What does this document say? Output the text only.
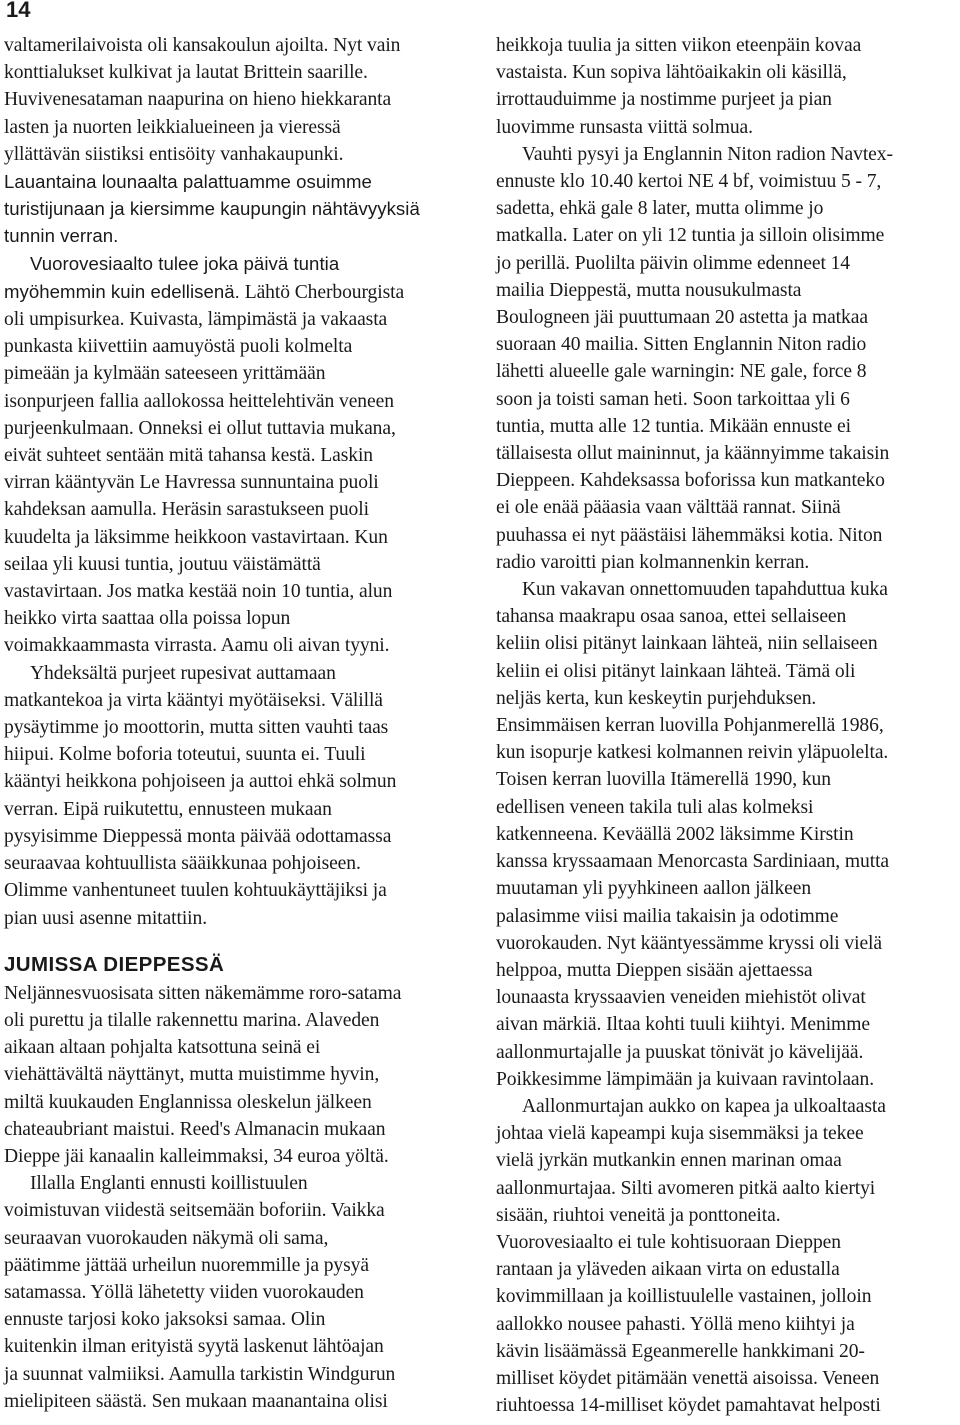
14

valtamerilaivoista oli kansakoulun ajoilta. Nyt vain
konttialukset kulkivat ja lautat Brittein saarille.
Huvivenesataman naapurina on hieno hiekkaranta
lasten ja nuorten leikkialueineen ja vieressä
yllättävän siistiksi entisöity vanhakaupunki.

Lauantaina lounaalta palattuamme osuimme
turistijunaan ja kiersimme kaupungin nähtävyyksiä
tunnin verran.

Vuorovesiaalto tulee joka päivä tuntia
myöhemmin kuin edellisenä. Lähtö Cherbourgista
oli umpisurkea. Kuivasta, lämpimästä ja vakaasta
punkasta kiivettiin aamuyöstä puoli kolmelta
pimeään ja kylmään sateeseen yrittämään
isonpurjeen fallia aallokossa heittelehtivän veneen
purjeenkulmaan. Onneksi ei ollut tuttavia mukana,
eivät suhteet sentään mitä tahansa kestä. Laskin
virran kääntyvän Le Havressa sunnuntaina puoli
kahdeksan aamulla. Heräsin sarastukseen puoli
kuudelta ja läksimme heikkoon vastavirtaan. Kun
seilaa yli kuusi tuntia, joutuu väistämättä
vastavirtaan. Jos matka kestää noin 10 tuntia, alun
heikko virta saattaa olla poissa lopun
voimakkaammasta virrasta. Aamu oli aivan tyyni.

Yhdeksältä purjeet rupesivat auttamaan
matkantekoa ja virta kääntyi myötäiseksi. Välillä
pysäytimme jo moottorin, mutta sitten vauhti taas
hiipui. Kolme boforia toteutui, suunta ei. Tuuli
kääntyi heikkona pohjoiseen ja auttoi ehkä solmun
verran. Eipä ruikutettu, ennusteen mukaan
pysyisimme Dieppessä monta päivää odottamassa
seuraavaa kohtuullista sääikkunaa pohjoiseen.
Olimme vanhentuneet tuulen kohtuukäyttäjiksi ja
pian uusi asenne mitattiin.

JUMISSA DIEPPESSÄ

Neljännesvuosisata sitten näkemämme roro-satama
oli purettu ja tilalle rakennettu marina. Alaveden
aikaan altaan pohjalta katsottuna seinä ei
viehättävältä näyttänyt, mutta muistimme hyvin,
miltä kuukauden Englannissa oleskelun jälkeen
chateaubriant maistui. Reed's Almanacin mukaan
Dieppe jäi kanaalin kalleimmaksi, 34 euroa yöltä.

Illalla Englanti ennusti koillistuulen
voimistuvan viidestä seitsemään boforiin. Vaikka
seuraavan vuorokauden näkymä oli sama,
päätimme jättää urheilun nuoremmille ja pysyä
satamassa. Yöllä lähetetty viiden vuorokauden
ennuste tarjosi koko jaksoksi samaa. Olin
kuitenkin ilman erityistä syytä laskenut lähtöajan
ja suunnat valmiiksi. Aamulla tarkistin Windgurun
mielipiteen säästä. Sen mukaan maanantaina olisi

heikkoja tuulia ja sitten viikon eteenpäin kovaa
vastaista. Kun sopiva lähtöaikakin oli käsillä,
irrottauduimme ja nostimme purjeet ja pian
luovimme runsasta viittä solmua.

Vauhti pysyi ja Englannin Niton radion Navtex-
ennuste klo 10.40 kertoi NE 4 bf, voimistuu 5 - 7,
sadetta, ehkä gale 8 later, mutta olimme jo
matkalla. Later on yli 12 tuntia ja silloin olisimme
jo perillä. Puolilta päivin olimme edenneet 14
mailia Dieppestä, mutta nousukulmasta
Boulogneen jäi puuttumaan 20 astetta ja matkaa
suoraan 40 mailia. Sitten Englannin Niton radio
lähetti alueelle gale warningin: NE gale, force 8
soon ja toisti saman heti. Soon tarkoittaa yli 6
tuntia, mutta alle 12 tuntia. Mikään ennuste ei
tällaisesta ollut maininnut, ja käännyimme takaisin
Dieppeen. Kahdeksassa boforissa kun matkanteko
ei ole enää pääasia vaan välttää rannat. Siinä
puuhassa ei nyt päästäisi lähemmäksi kotia. Niton
radio varoitti pian kolmannenkin kerran.

Kun vakavan onnettomuuden tapahduttua kuka
tahansa maakrapu osaa sanoa, ettei sellaiseen
keliin olisi pitänyt lainkaan lähteä, niin sellaiseen
keliin ei olisi pitänyt lainkaan lähteä. Tämä oli
neljäs kerta, kun keskeytin purjehduksen.
Ensimmäisen kerran luovilla Pohjanmerellä 1986,
kun isopurje katkesi kolmannen reivin yläpuolelta.
Toisen kerran luovilla Itämerellä 1990, kun
edellisen veneen takila tuli alas kolmeksi
katkenneena. Keväällä 2002 läksimme Kirstin
kanssa kryssaamaan Menorcasta Sardiniaan, mutta
muutaman yli pyyhkineen aallon jälkeen
palasimme viisi mailia takaisin ja odotimme
vuorokauden. Nyt kääntyessämme kryssi oli vielä
helppoa, mutta Dieppen sisään ajettaessa
lounaasta kryssaavien veneiden miehistöt olivat
aivan märkiä. Iltaa kohti tuuli kiihtyi. Menimme
aallonmurtajalle ja puuskat tönivät jo kävelijää.
Poikkesimme lämpimään ja kuivaan ravintolaan.

Aallonmurtajan aukko on kapea ja ulkoaltaasta
johtaa vielä kapeampi kuja sisemmäksi ja tekee
vielä jyrkän mutkankin ennen marinan omaa
aallonmurtajaa. Silti avomeren pitkä aalto kiertyi
sisään, riuhtoi veneitä ja ponttoneita.
Vuorovesiaalto ei tule kohtisuoraan Dieppen
rantaan ja yläveden aikaan virta on edustalla
kovimmillaan ja koillistuulelle vastainen, jolloin
aallokko nousee pahasti. Yöllä meno kiihtyi ja
kävin lisäämässä Egeanmerelle hankkimani 20-
milliset köydet pitämään venettä aisoissa. Veneen
riuhtoessa 14-milliset köydet pamahtavat helposti
